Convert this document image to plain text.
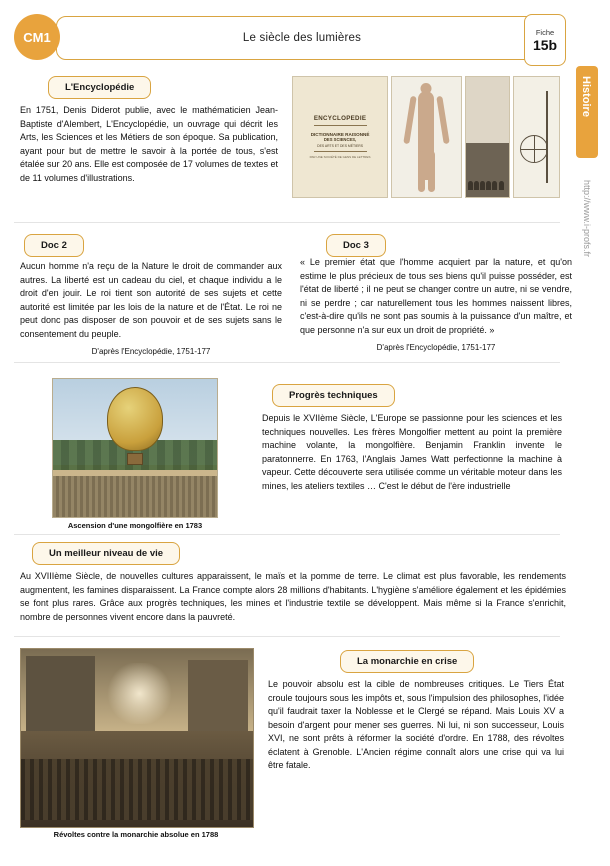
Le siècle des lumières
CM1	Fiche
15b
Histoire
http://www.i-profs.fr
L'Encyclopédie
En 1751, Denis Diderot publie, avec le mathématicien Jean-Baptiste d'Alembert, L'Encyclopédie, un ouvrage qui décrit les Arts, les Sciences et les Métiers de son époque. Sa publication, ayant pour but de mettre le savoir à la portée de tous, s'est étalée sur 20 ans. Elle est composée de 17 volumes de textes et de 11 volumes d'illustrations.
ENCYCLOPEDIE
DICTIONNAIRE RAISONNÉ
DES SCIENCES,
DES ARTS ET DES MÉTIERS
PAR UNE SOCIÉTÉ DE GENS DE LETTRES
Doc 2
Aucun homme n'a reçu de la Nature le droit de commander aux autres. La liberté est un cadeau du ciel, et chaque individu a le droit d'en jouir. Le roi tient son autorité de ses sujets et cette autorité est limitée par les lois de la nature et de l'État. Le roi ne peut donc pas disposer de son pouvoir et de ses sujets sans le consentement du peuple.
D'après l'Encyclopédie, 1751-177
Doc 3
« Le premier état que l'homme acquiert par la nature, et qu'on estime le plus précieux de tous ses biens qu'il puisse posséder, est l'état de liberté ; il ne peut se changer contre un autre, ni se vendre, ni se perdre ; car naturellement tous les hommes naissent libres, c'est-à-dire qu'ils ne sont pas soumis à la puissance d'un maître, et que personne n'a sur eux un droit de propriété. »
D'après l'Encyclopédie, 1751-177
Ascension d'une mongolfière en 1783
Progrès techniques
Depuis le XVIIème Siècle, L'Europe se passionne pour les sciences et les techniques nouvelles. Les frères Mongolfier mettent au point la première machine volante, la mongolfière. Benjamin Franklin invente le paratonnerre. En 1763, l'Anglais James Watt perfectionne la machine à vapeur. Cette découverte sera utilisée comme un véritable moteur dans les mines, les ateliers textiles … C'est le début de l'ère industrielle
Un meilleur niveau de vie
Au XVIIIème Siècle, de nouvelles cultures apparaissent, le maïs et la pomme de terre. Le climat est plus favorable, les rendements augmentent, les famines disparaissent. La France compte alors 28 millions d'habitants. L'hygiène s'améliore également et les épidémies se font plus rares. Grâce aux progrès techniques, les mines et l'industrie textile se développent. Mais même si la France s'enrichit, nombre de personnes vivent encore dans la pauvreté.
Révoltes contre la monarchie absolue en 1788
La monarchie en crise
Le pouvoir absolu est la cible de nombreuses critiques. Le Tiers État croule toujours sous les impôts et, sous l'impulsion des philosophes, l'idée qu'il faudrait taxer la Noblesse et le Clergé se répand. Mais Louis XV a besoin d'argent pour mener ses guerres. Ni lui, ni son successeur, Louis XVI, ne sont prêts à réformer la société d'ordre. En 1788, des révoltes éclatent à Grenoble. L'Ancien régime connaît alors une crise qui va lui être fatale.
